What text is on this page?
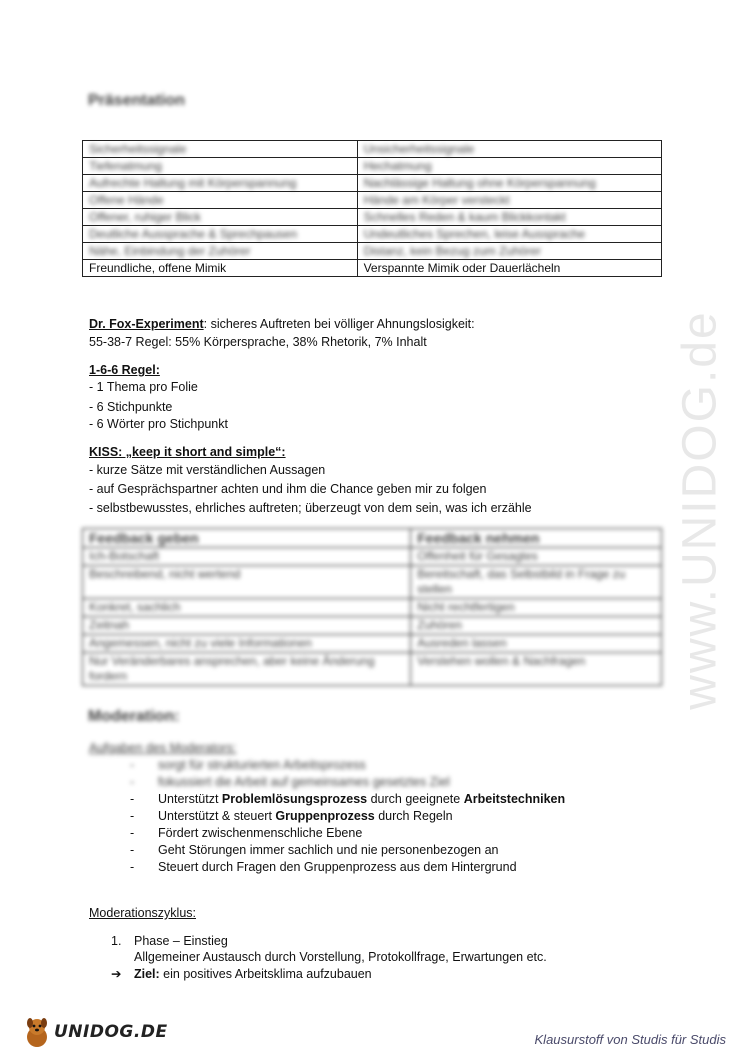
www.UNIDOG.de
Präsentation
Sicherheitssignale	Unsicherheitssignale
Tiefenatmung	Hechatmung
Aufrechte Haltung mit Körperspannung	Nachlässige Haltung ohne Körperspannung
Offene Hände	Hände am Körper versteckt
Offener, ruhiger Blick	Schnelles Reden & kaum Blickkontakt
Deutliche Aussprache & Sprechpausen	Undeutliches Sprechen, leise Aussprache
Nähe, Einbindung der Zuhörer	Distanz, kein Bezug zum Zuhörer
Freundliche, offene Mimik	Verspannte Mimik oder Dauerlächeln
Dr. Fox-Experiment: sicheres Auftreten bei völliger Ahnungslosigkeit:
55-38-7 Regel: 55% Körpersprache, 38% Rhetorik, 7% Inhalt
1-6-6 Regel:
- 1 Thema pro Folie
- 6 Stichpunkte
- 6 Wörter pro Stichpunkt
KISS: „keep it short and simple“:
- kurze Sätze mit verständlichen Aussagen
- auf Gesprächspartner achten und ihm die Chance geben mir zu folgen
- selbstbewusstes, ehrliches auftreten; überzeugt von dem sein, was ich erzähle
Feedback geben	Feedback nehmen
Ich-Botschaft	Offenheit für Gesagtes
Beschreibend, nicht wertend	Bereitschaft, das Selbstbild in Frage zu stellen
Konkret, sachlich	Nicht rechtfertigen
Zeitnah	Zuhören
Angemessen, nicht zu viele Informationen	Ausreden lassen
Nur Veränderbares ansprechen, aber keine Änderung fordern	Verstehen wollen & Nachfragen
Moderation:
Aufgaben des Moderators:
- sorgt für strukturierten Arbeitsprozess
- fokussiert die Arbeit auf gemeinsames gesetztes Ziel
- Unterstützt Problemlösungsprozess durch geeignete Arbeitstechniken
- Unterstützt & steuert Gruppenprozess durch Regeln
- Fördert zwischenmenschliche Ebene
- Geht Störungen immer sachlich und nie personenbezogen an
- Steuert durch Fragen den Gruppenprozess aus dem Hintergrund
Moderationszyklus:
1. Phase – Einstieg
Allgemeiner Austausch durch Vorstellung, Protokollfrage, Erwartungen etc.
➔ Ziel: ein positives Arbeitsklima aufzubauen
UNIDOG.DE	Klausurstoff von Studis für Studis
